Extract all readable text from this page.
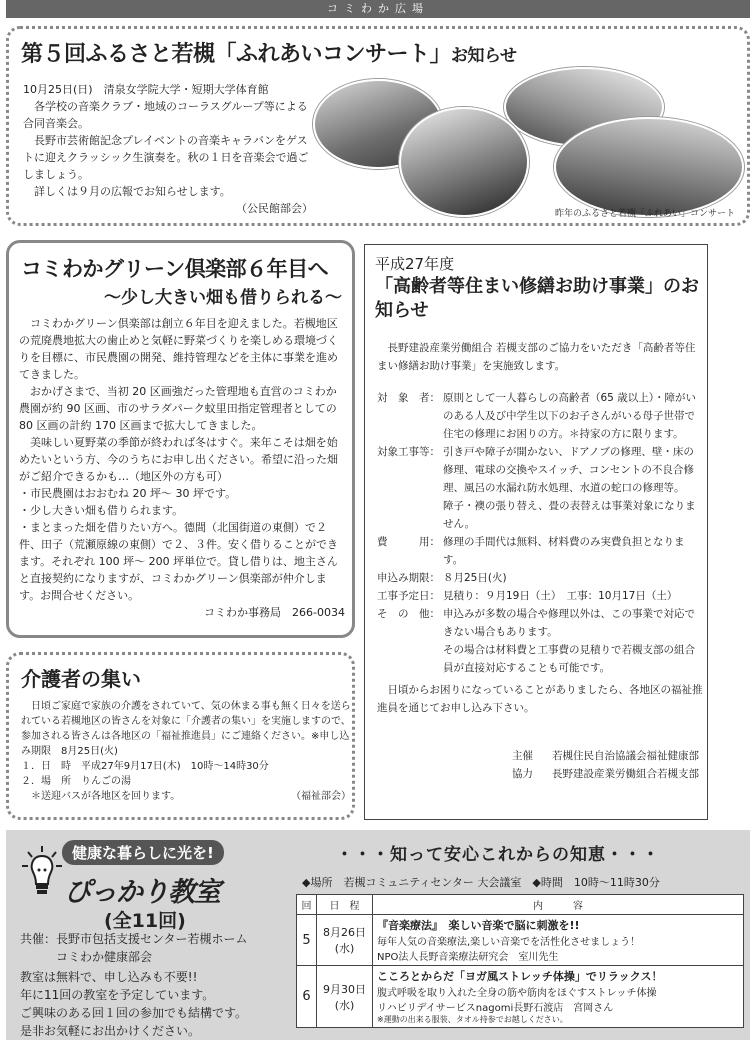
コミわか広場
第５回ふるさと若槻「ふれあいコンサート」お知らせ

10月25日(日)　清泉女学院大学・短期大学体育館

　各学校の音楽クラブ・地域のコーラスグループ等による合同音楽会。

　長野市芸術館記念プレイベントの音楽キャラバンをゲストに迎えクラッシック生演奏を。秋の１日を音楽会で過ごしましょう。

　詳しくは９月の広報でお知らせします。

（公民館部会）	昨年のふるさと若槻「ふれあい」コンサート
コミわかグリーン倶楽部６年目へ
～少し大きい畑も借りられる～

　コミわかグリーン倶楽部は創立６年目を迎えました。若槻地区の荒廃農地拡大の歯止めと気軽に野菜づくりを楽しめる環境づくりを目標に、市民農園の開発、維持管理などを主体に事業を進めてきました。

　おかげさまで、当初 20 区画強だった管理地も直営のコミわか農園が約 90 区画、市のサラダパーク蚊里田指定管理者としての 80 区画の計約 170 区画まで拡大してきました。

　美味しい夏野菜の季節が終われば冬はすぐ。来年こそは畑を始めたいという方、今のうちにお申し出ください。希望に沿った畑がご紹介できるかも…（地区外の方も可）

・市民農園はおおむね 20 坪～ 30 坪です。

・少し大きい畑も借りられます。

・まとまった畑を借りたい方へ。德間（北国街道の東側）で２件、田子（荒瀬原線の東側）で２、３件。安く借りることができます。それぞれ 100 坪～ 200 坪単位で。貸し借りは、地主さんと直接契約になりますが、コミわかグリーン倶楽部が仲介します。お問合せください。

コミわか事務局　266-0034

介護者の集い

　日頃ご家庭で家族の介護をされていて、気の休まる事も無く日々を送られている若槻地区の皆さんを対象に「介護者の集い」を実施しますので、参加される皆さんは各地区の「福祉推進員」にご連絡ください。※申し込み期限　8月25日(火)

１．日　時　平成27年9月17日(木)　10時～14時30分

２．場　所　りんごの湯

　＊送迎バスが各地区を回ります。	（福祉部会）
平成27年度
「高齢者等住まい修繕お助け事業」のお知らせ

　長野建設産業労働組合 若槻支部のご協力をいただき「高齢者等住まい修繕お助け事業」を実施致します。

対　象　者： 原則として一人暮らしの高齢者（65 歳以上）・障がいのある人及び中学生以下のお子さんがいる母子世帯で住宅の修理にお困りの方。＊持家の方に限ります。
対象工事等： 引き戸や障子が開かない、ドアノブの修理、壁・床の修理、電球の交換やスイッチ、コンセントの不良合修理、風呂の水漏れ防水処理、水道の蛇口の修理等。
障子・襖の張り替え、畳の表替えは事業対象になりません。
費　　　用： 修理の手間代は無料、材料費のみ実費負担となります。
申込み期限： ８月25日(火)
工事予定日： 見積り：９月19日（土）　工事：10月17日（土）
そ　の　他： 申込みが多数の場合や修理以外は、この事業で対応できない場合もあります。
その場合は材料費と工事費の見積りで若槻支部の組合員が直接対応することも可能です。

　日頃からお困りになっていることがありましたら、各地区の福祉推進員を通じてお申し込み下さい。

主催	若槻住民自治協議会福祉健康部
協力	長野建設産業労働組合若槻支部
健康な暮らしに光を!
ぴっかり教室
(全11回)
共催：長野市包括支援センター若槻ホーム
コミわか健康部会
教室は無料で、申し込みも不要!!
年に11回の教室を予定しています。
ご興味のある回１回の参加でも結構です。
是非お気軽にお出かけください。
・・・知って安心これからの知恵・・・
◆場所　若槻コミュニティセンター 大会議室　◆時間　10時～11時30分
回	日　程	内　　　容
5	8月26日(水)	『音楽療法』　楽しい音楽で脳に刺激を!!
毎年人気の音楽療法,楽しい音楽でを活性化させましょう！
NPO法人長野音楽療法研究会　室川先生

6	9月30日(水)	こころとからだ「ヨガ風ストレッチ体操」でリラックス！
腹式呼吸を取り入れた全身の筋や筋肉をほぐすストレッチ体操
リハビリデイサービスnagomi長野石渡店　宮岡さん
※運動の出来る服装、タオル持参でお越しください。
